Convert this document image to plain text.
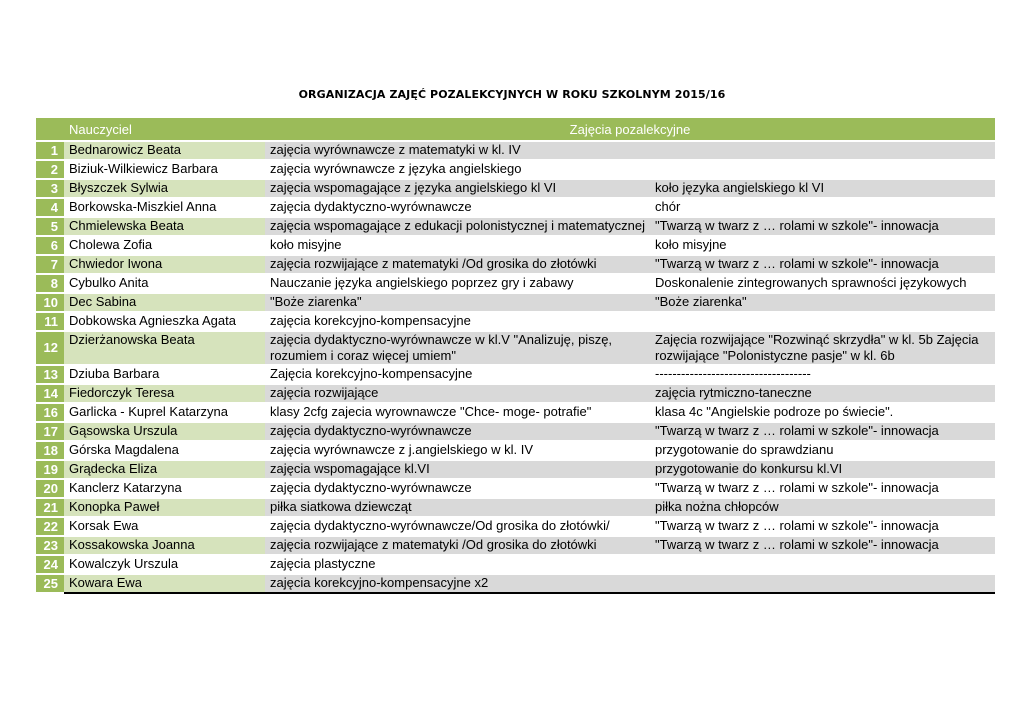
ORGANIZACJA ZAJĘĆ POZALEKCYJNYCH W ROKU SZKOLNYM 2015/16
	Nauczyciel	Zajęcia pozalekcyjne	
1	Bednarowicz Beata	zajęcia wyrównawcze z matematyki w kl. IV	
2	Biziuk-Wilkiewicz Barbara	zajęcia wyrównawcze z języka angielskiego	
3	Błyszczek Sylwia	zajęcia wspomagające z języka angielskiego kl VI	koło języka angielskiego kl VI
4	Borkowska-Miszkiel Anna	zajęcia dydaktyczno-wyrównawcze	chór
5	Chmielewska Beata	zajęcia wspomagające z edukacji polonistycznej i matematycznej	"Twarzą w twarz z … rolami w szkole"- innowacja
6	Cholewa Zofia	koło misyjne	koło misyjne
7	Chwiedor Iwona	zajęcia rozwijające z matematyki /Od grosika do złotówki	"Twarzą w twarz z … rolami w szkole"- innowacja
8	Cybulko Anita	Nauczanie języka angielskiego poprzez gry i zabawy	Doskonalenie zintegrowanych sprawności językowych
10	Dec Sabina	"Boże ziarenka"	"Boże ziarenka"
11	Dobkowska Agnieszka Agata	zajęcia korekcyjno-kompensacyjne	
12	Dzierżanowska Beata	zajęcia dydaktyczno-wyrównawcze w kl.V "Analizuję, piszę, rozumiem i coraz więcej umiem"	Zajęcia rozwijające "Rozwinąć skrzydła" w kl. 5b Zajęcia rozwijające "Polonistyczne pasje" w kl. 6b
13	Dziuba Barbara	Zajęcia korekcyjno-kompensacyjne	------------------------------------
14	Fiedorczyk Teresa	zajęcia rozwijające	zajęcia rytmiczno-taneczne
16	Garlicka - Kuprel Katarzyna	klasy 2cfg zajecia wyrownawcze "Chce- moge- potrafie"	klasa 4c "Angielskie podroze po świecie".
17	Gąsowska Urszula	zajęcia dydaktyczno-wyrównawcze	"Twarzą w twarz z … rolami w szkole"- innowacja
18	Górska Magdalena	zajęcia wyrównawcze z j.angielskiego w kl. IV	przygotowanie do sprawdzianu
19	Grądecka Eliza	zajęcia wspomagające kl.VI	przygotowanie do konkursu kl.VI
20	Kanclerz Katarzyna	zajęcia dydaktyczno-wyrównawcze	"Twarzą w twarz z … rolami w szkole"- innowacja
21	Konopka Paweł	piłka siatkowa dziewcząt	piłka nożna chłopców
22	Korsak Ewa	zajęcia dydaktyczno-wyrównawcze/Od grosika do złotówki/	"Twarzą w twarz z … rolami w szkole"- innowacja
23	Kossakowska Joanna	zajęcia rozwijające z matematyki /Od grosika do złotówki	"Twarzą w twarz z … rolami w szkole"- innowacja
24	Kowalczyk Urszula	zajęcia plastyczne	
25	Kowara Ewa	zajęcia korekcyjno-kompensacyjne x2	
